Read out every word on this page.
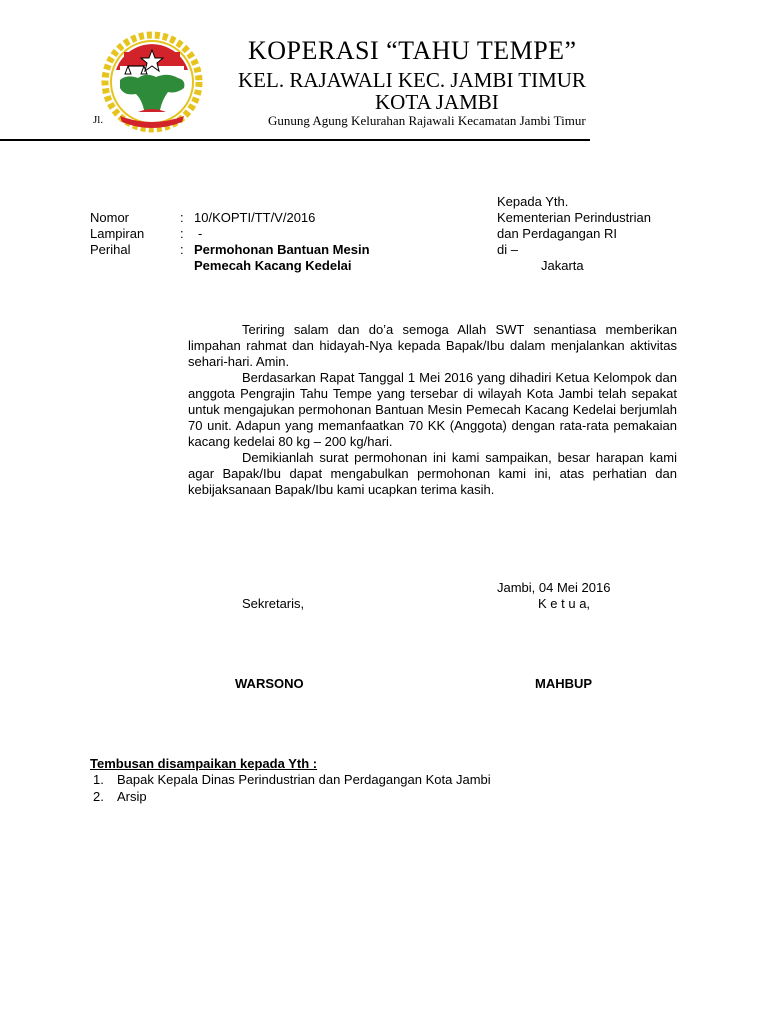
KOPERASI “TAHU TEMPE”
KEL. RAJAWALI KEC. JAMBI TIMUR
KOTA JAMBI
Jl.	Gunung Agung Kelurahan Rajawali Kecamatan Jambi Timur
Kepada Yth.
Kementerian Perindustrian
dan Perdagangan RI
di –
Jakarta
Nomor	: 10/KOPTI/TT/V/2016
Lampiran	: -
Perihal	: Permohonan Bantuan Mesin
Pemecah Kacang Kedelai

Teriring salam dan do’a semoga Allah SWT senantiasa memberikan limpahan rahmat dan hidayah-Nya kepada Bapak/Ibu dalam menjalankan aktivitas sehari-hari. Amin.

Berdasarkan Rapat Tanggal 1 Mei 2016 yang dihadiri Ketua Kelompok dan anggota Pengrajin Tahu Tempe yang tersebar di wilayah Kota Jambi telah sepakat untuk mengajukan permohonan Bantuan Mesin Pemecah Kacang Kedelai berjumlah 70 unit. Adapun yang memanfaatkan 70 KK (Anggota) dengan rata-rata pemakaian kacang kedelai 80 kg – 200 kg/hari.

Demikianlah surat permohonan ini kami sampaikan, besar harapan kami agar Bapak/Ibu dapat mengabulkan permohonan kami ini, atas perhatian dan kebijaksanaan Bapak/Ibu kami ucapkan terima kasih.

Jambi, 04 Mei 2016
Sekretaris,	K e t u a,
WARSONO	MAHBUP
Tembusan disampaikan kepada Yth :
1. Bapak Kepala Dinas Perindustrian dan Perdagangan Kota Jambi
2. Arsip
